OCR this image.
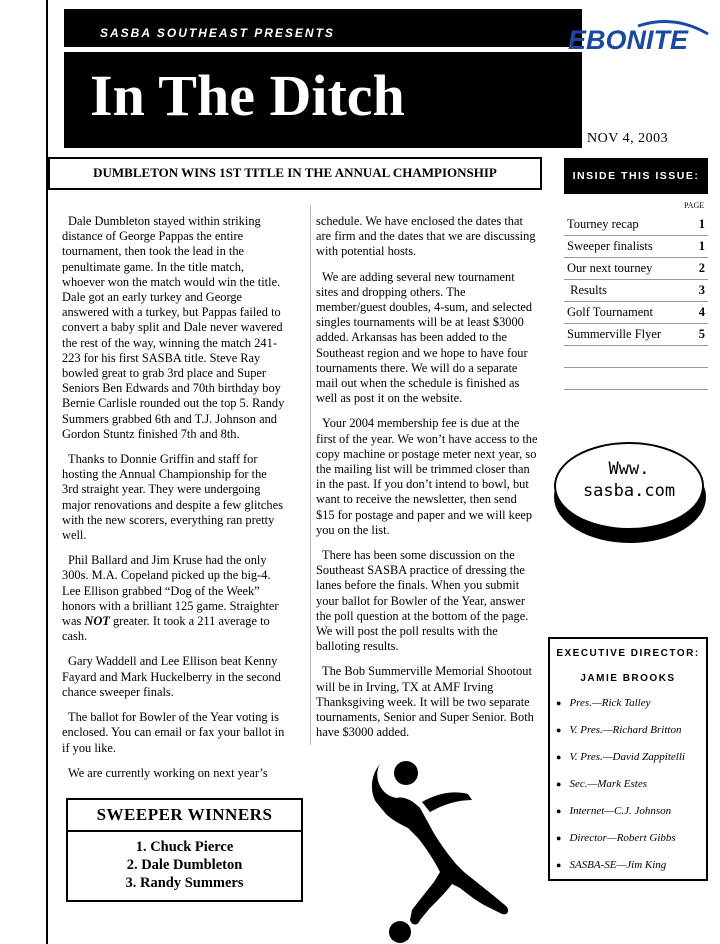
SASBA SOUTHEAST PRESENTS
In The Ditch
EBONITE
NOV 4, 2003
DUMBLETON WINS 1ST TITLE IN THE ANNUAL CHAMPIONSHIP

Dale Dumbleton stayed within striking distance of George Pappas the entire tournament, then took the lead in the penultimate game. In the title match, whoever won the match would win the title. Dale got an early turkey and George answered with a turkey, but Pappas failed to convert a baby split and Dale never wavered the rest of the way, winning the match 241-223 for his first SASBA title. Steve Ray bowled great to grab 3rd place and Super Seniors Ben Edwards and 70th birthday boy Bernie Carlisle rounded out the top 5. Randy Summers grabbed 6th and T.J. Johnson and Gordon Stuntz finished 7th and 8th.

Thanks to Donnie Griffin and staff for hosting the Annual Championship for the 3rd straight year. They were undergoing major renovations and despite a few glitches with the new scorers, everything ran pretty well.

Phil Ballard and Jim Kruse had the only 300s. M.A. Copeland picked up the big-4. Lee Ellison grabbed “Dog of the Week” honors with a brilliant 125 game. Straighter was NOT greater. It took a 211 average to cash.

Gary Waddell and Lee Ellison beat Kenny Fayard and Mark Huckelberry in the second chance sweeper finals.

The ballot for Bowler of the Year voting is enclosed. You can email or fax your ballot in if you like.

We are currently working on next year’s

schedule. We have enclosed the dates that are firm and the dates that we are discussing with potential hosts.

We are adding several new tournament sites and dropping others. The member/guest doubles, 4-sum, and selected singles tournaments will be at least $3000 added. Arkansas has been added to the Southeast region and we hope to have four tournaments there. We will do a separate mail out when the schedule is finished as well as post it on the website.

Your 2004 membership fee is due at the first of the year. We won’t have access to the copy machine or postage meter next year, so the mailing list will be trimmed closer than in the past. If you don’t intend to bowl, but want to receive the newsletter, then send $15 for postage and paper and we will keep you on the list.

There has been some discussion on the Southeast SASBA practice of dressing the lanes before the finals. When you submit your ballot for Bowler of the Year, answer the poll question at the bottom of the page. We will post the poll results with the balloting results.

The Bob Summerville Memorial Shootout will be in Irving, TX at AMF Irving Thanksgiving week. It will be two separate tournaments, Senior and Super Senior. Both have $3000 added.

INSIDE THIS ISSUE:
PAGE
Tourney recap	1
Sweeper finalists	1
Our next tourney	2
Results	3
Golf Tournament	4
Summerville Flyer	5
Www.
sasba.com
EXECUTIVE DIRECTOR:
JAMIE BROOKS
● Pres.—Rick Talley
● V. Pres.—Richard Britton
● V. Pres.—David Zappitelli
● Sec.—Mark Estes
● Internet—C.J. Johnson
● Director—Robert Gibbs
● SASBA-SE—Jim King
SWEEPER WINNERS
1. Chuck Pierce
2. Dale Dumbleton
3. Randy Summers
